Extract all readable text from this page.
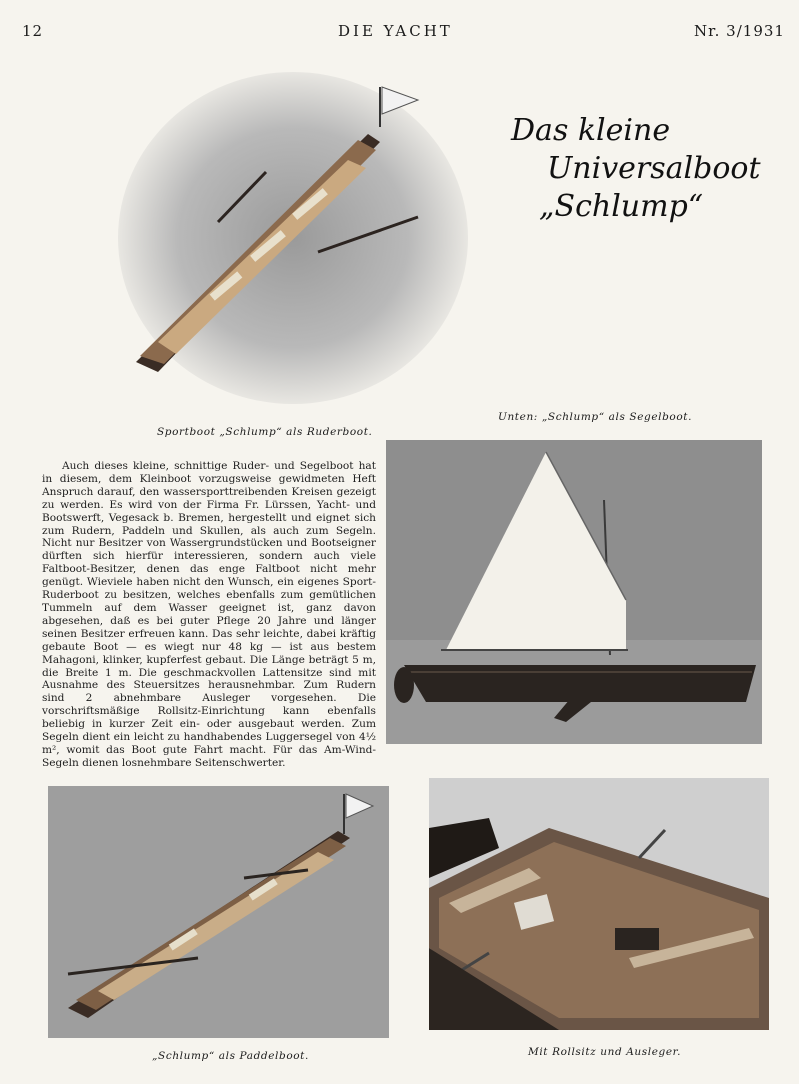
12	DIE YACHT	Nr. 3/1931
Das kleine
Universalboot
„Schlump“
Sportboot „Schlump“ als Ruderboot.
Unten: „Schlump“ als Segelboot.
Auch dieses kleine, schnittige Ruder- und Segelboot hat in diesem, dem Kleinboot vorzugsweise gewidmeten Heft Anspruch darauf, den wassersporttreibenden Kreisen gezeigt zu werden. Es wird von der Firma Fr. Lürssen, Yacht- und Bootswerft, Vegesack b. Bremen, hergestellt und eignet sich zum Rudern, Paddeln und Skullen, als auch zum Segeln. Nicht nur Besitzer von Wassergrundstücken und Bootseigner dürften sich hierfür interessieren, sondern auch viele Faltboot-Besitzer, denen das enge Faltboot nicht mehr genügt. Wieviele haben nicht den Wunsch, ein eigenes Sport-Ruderboot zu besitzen, welches ebenfalls zum gemütlichen Tummeln auf dem Wasser geeignet ist, ganz davon abgesehen, daß es bei guter Pflege 20 Jahre und länger seinen Besitzer erfreuen kann. Das sehr leichte, dabei kräftig gebaute Boot — es wiegt nur 48 kg — ist aus bestem Mahagoni, klinker, kupferfest gebaut. Die Länge beträgt 5 m, die Breite 1 m. Die geschmackvollen Lattensitze sind mit Ausnahme des Steuersitzes herausnehmbar. Zum Rudern sind 2 abnehmbare Ausleger vorgesehen. Die vorschriftsmäßige Rollsitz-Einrichtung kann ebenfalls beliebig in kurzer Zeit ein- oder ausgebaut werden. Zum Segeln dient ein leicht zu handhabendes Luggersegel von 4½ m², womit das Boot gute Fahrt macht. Für das Am-Wind-Segeln dienen losnehmbare Seitenschwerter.
„Schlump“ als Paddelboot.	Mit Rollsitz und Ausleger.
